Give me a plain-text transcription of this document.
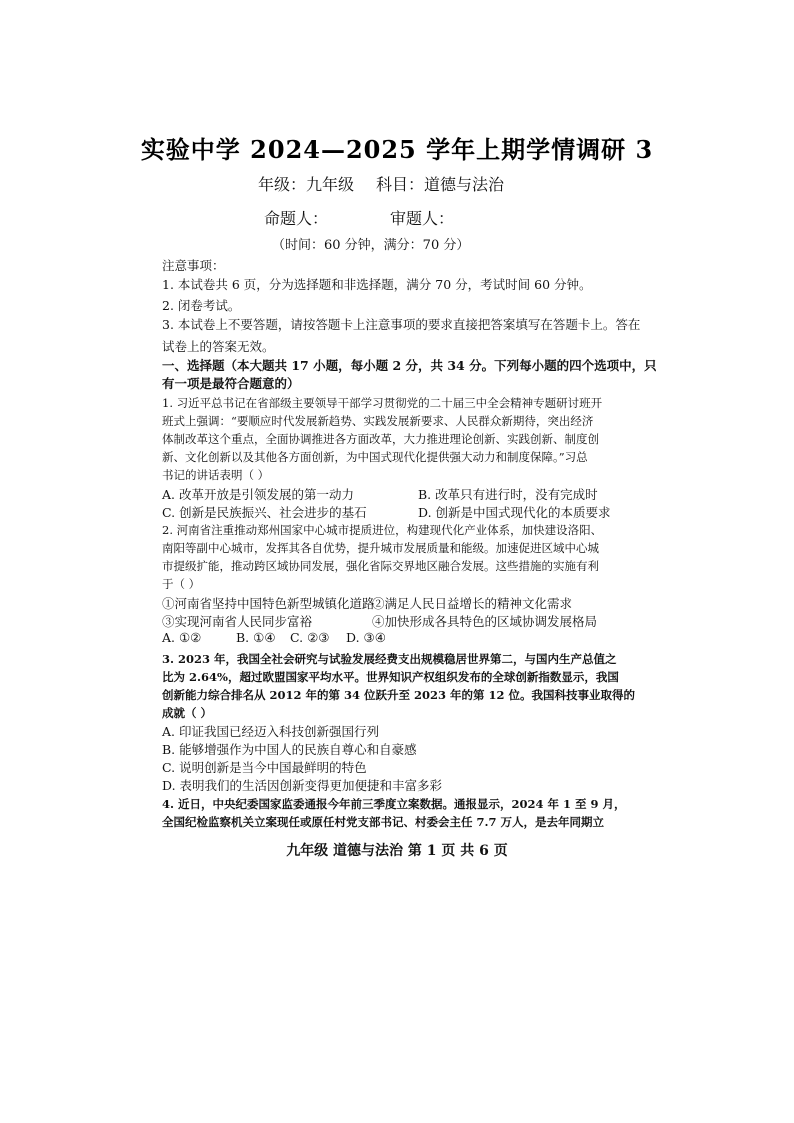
实验中学 2024—2025 学年上期学情调研 3
年级：九年级 科目：道德与法治
命题人：	审题人：
（时间：60 分钟，满分：70 分）
注意事项：
1. 本试卷共 6 页，分为选择题和非选择题，满分 70 分，考试时间 60 分钟。
2. 闭卷考试。
3. 本试卷上不要答题，请按答题卡上注意事项的要求直接把答案填写在答题卡上。答在
试卷上的答案无效。
一、选择题（本大题共 17 小题，每小题 2 分，共 34 分。下列每小题的四个选项中，只
有一项是最符合题意的）
1. 习近平总书记在省部级主要领导干部学习贯彻党的二十届三中全会精神专题研讨班开
班式上强调：“要顺应时代发展新趋势、实践发展新要求、人民群众新期待，突出经济
体制改革这个重点，全面协调推进各方面改革，大力推进理论创新、实践创新、制度创
新、文化创新以及其他各方面创新，为中国式现代化提供强大动力和制度保障。”习总
书记的讲话表明（ ）
A. 改革开放是引领发展的第一动力	B. 改革只有进行时，没有完成时
C. 创新是民族振兴、社会进步的基石	D. 创新是中国式现代化的本质要求
2. 河南省注重推动郑州国家中心城市提质进位，构建现代化产业体系，加快建设洛阳、
南阳等副中心城市，发挥其各自优势，提升城市发展质量和能级。加速促进区域中心城
市提级扩能，推动跨区域协同发展，强化省际交界地区融合发展。这些措施的实施有利
于（ ）
①河南省坚持中国特色新型城镇化道路
②满足人民日益增长的精神文化需求
③实现河南省人民同步富裕	④加快形成各具特色的区域协调发展格局
A. ①②	B. ①④ C. ②③ D. ③④
3. 2023 年，我国全社会研究与试验发展经费支出规模稳居世界第二，与国内生产总值之
比为 2.64%，超过欧盟国家平均水平。世界知识产权组织发布的全球创新指数显示，我国
创新能力综合排名从 2012 年的第 34 位跃升至 2023 年的第 12 位。我国科技事业取得的
成就（ ）
A. 印证我国已经迈入科技创新强国行列
B. 能够增强作为中国人的民族自尊心和自豪感
C. 说明创新是当今中国最鲜明的特色
D. 表明我们的生活因创新变得更加便捷和丰富多彩
4. 近日，中央纪委国家监委通报今年前三季度立案数据。通报显示，2024 年 1 至 9 月，
全国纪检监察机关立案现任或原任村党支部书记、村委会主任 7.7 万人，是去年同期立
九年级 道德与法治 第 1 页 共 6 页
